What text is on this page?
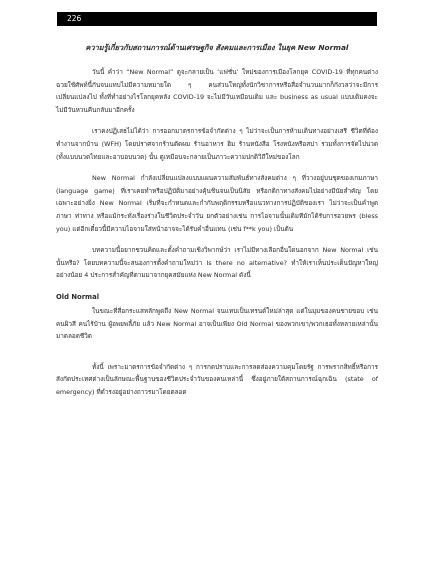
226
ความรู้เกี่ยวกับสถานการณ์ด้านเศรษฐกิจ สังคมและการเมือง ในยุค New Normal

วันนี้ คำว่า “New Normal” ดูจะกลายเป็น ‘แฟชั่น’ ใหม่ของการเมืองโลกยุค COVID-19 ที่ทุกคนต่างฉวยใช้ศัพท์นี้กันจนแทบไม่มีความหมายใด ๆ คนส่วนใหญ่ทั้งนักวิชาการหรือสื่อจำนวนมากก็กังวลว่าจะมีการเปลี่ยนแปลงไป ทั้งที่ทำอย่างไรโลกยุคหลัง COVID-19 จะไม่มีวันเหมือนเดิม และ business as usual แบบเดิมคงจะไม่มีวันหวนคืนกลับมาอีกครั้ง

เราคงปฏิเสธไม่ได้ว่า การออกมาตรการข้อจำกัดต่าง ๆ ไม่ว่าจะเป็นการห้ามเดินทางอย่างเสรี ชีวิตที่ต้องทำงานจากบ้าน (WFH) โดยปราศจากร้านตัดผม ร้านอาหาร ฮิม ร้านหนังสือ โรงหนังหรือสปา รวมทั้งการจัดไปนวด (ทั้งแบบนวดไทยและอาบอบนวด) นั้น ดูเหมือนจะกลายเป็นภาวะความปกติวิถีใหม่ของโลก

New Normal กำลังเปลี่ยนแปลงแบบแผนความสัมพันธ์ทางสังคมต่าง ๆ ที่วางอยู่บนชุดของเกมภาษา (language game) ที่เราเคยทำหรือปฏิบัติมาอย่างคุ้นชินจนเป็นนิสัย หรือกติกาทางสังคมไปอย่างมีนัยสำคัญ โดยเฉพาะอย่างยิ่ง New Normal เริ่มที่จะกำหนดและกำกับพฤติกรรมหรือแนวทางการปฏิบัติของเรา ไม่ว่าจะเป็นคำพูด ภาษา ท่าทาง หรือแม้กระทั่งเรื่องร่างในชีวิตประจำวัน ยกตัวอย่างเช่น การไอจามนั้นเดิมทีมักได้รับการอวยพร (bless you) แต่อีกเดี๋ยวนี้มีความไอจามใส่หน้าอาจจะได้รับคำอื่นแทน (เช่น f**k you) เป็นต้น

บทความนี้อยากชวนคิดและตั้งคำถามเชิงวิพากษ์ว่า เราไม่มีทางเลือกอื่นใดนอกจาก New Normal เช่นนั้นหรือ? โดยบทความนี้จะสนองการตั้งคำถามใหม่ว่า Is there no alternative? ทำให้เราเห็นประเด็นปัญหาใหญ่อย่างน้อย 4 ประการสำคัญที่ตามมาจากยุคสมัยแห่ง New Normal ดังนี้

Old Normal

ในขณะที่สื่อกระแสหลักพูดถึง New Normal จนแทบเป็นเทรนด์ใหม่ล่าสุด แต่ในมุมของคนชายขอบ เช่น คนผิวสี คนไร้บ้าน ผู้อพยพลี้ภัย แล้ว New Normal อาจเป็นเพียง Old Normal ของพวกเขา/พวกเธอทั้งหลายเหล่านั้นมาตลอดชีวิต

ทั้งนี้ เพราะมาตรการข้อจำกัดต่าง ๆ การกดปราบและการลดส่องความคุมโดยรัฐ การพรากสิทธิ์หรือการสังกัดประเทศต่างเป็นลักษณะพื้นฐานของชีวิตประจำวันของคนเหล่านี้ ซึ่งอยู่ภายใต้สถานการณ์ฉุกเฉิน (state of emergency) ที่ดำรงอยู่อย่างถาวรมาโดยตลอด
